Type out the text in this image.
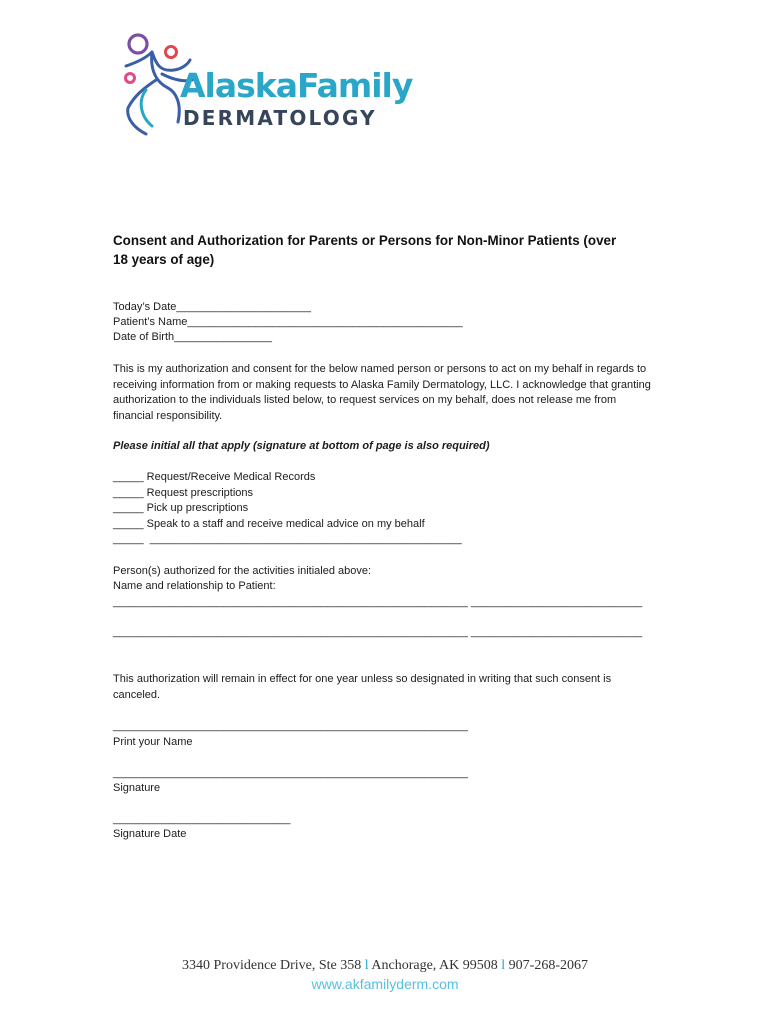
AlaskaFamily
DERMATOLOGY
Consent and Authorization for Parents or Persons for Non-Minor Patients (over 18 years of age)
Today’s Date______________________
Patient’s Name_____________________________________________
Date of Birth________________
This is my authorization and consent for the below named person or persons to act on my behalf in regards to receiving information from or making requests to Alaska Family Dermatology, LLC. I acknowledge that granting authorization to the individuals listed below, to request services on my behalf, does not release me from financial responsibility.
Please initial all that apply (signature at bottom of page is also required)
_____ Request/Receive Medical Records
_____ Request prescriptions
_____ Pick up prescriptions
_____ Speak to a staff and receive medical advice on my behalf
_____  ___________________________________________________
Person(s) authorized for the activities initialed above:
Name and relationship to Patient:
__________________________________________________________ ____________________________
__________________________________________________________ ____________________________
This authorization will remain in effect for one year unless so designated in writing that such consent is canceled.
__________________________________________________________
Print your Name
__________________________________________________________
Signature
_____________________________
Signature Date
3340 Providence Drive, Ste 358 l Anchorage, AK 99508 l 907-268-2067
www.akfamilyderm.com
